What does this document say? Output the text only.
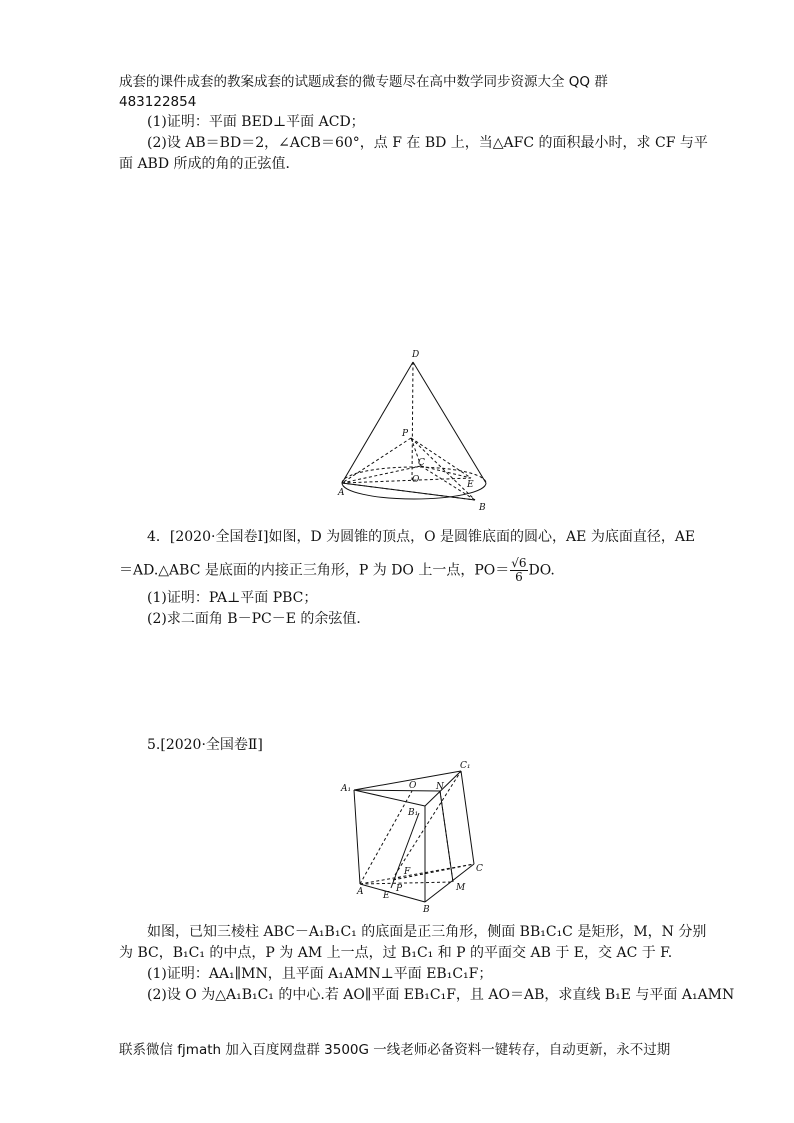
成套的课件成套的教案成套的试题成套的微专题尽在高中数学同步资源大全 QQ 群
483122854
(1)证明：平面 BED⊥平面 ACD；
(2)设 AB＝BD＝2，∠ACB＝60°，点 F 在 BD 上，当△AFC 的面积最小时，求 CF 与平
面 ABD 所成的角的正弦值．
D
P
C
O	E
A
B
4．[2020·全国卷Ⅰ]如图，D 为圆锥的顶点，O 是圆锥底面的圆心，AE 为底面直径，AE
＝AD.△ABC 是底面的内接正三角形，P 为 DO 上一点，$PO= \frac{√6}{6}$ DO.
(1)证明：PA⊥平面 PBC；
(2)求二面角 B－PC－E 的余弦值．
5.[2020·全国卷Ⅱ]
A₁	O N
C₁
B₁
F	C
A E
P	M
B
如图，已知三棱柱 ABC－A₁B₁C₁ 的底面是正三角形，侧面 BB₁C₁C 是矩形，M，N 分别
为 BC，B₁C₁ 的中点，P 为 AM 上一点，过 B₁C₁ 和 P 的平面交 AB 于 E，交 AC 于 F.
(1)证明：AA₁∥MN，且平面 A₁AMN⊥平面 EB₁C₁F；
(2)设 O 为△A₁B₁C₁ 的中心.若 AO∥平面 EB₁C₁F，且 AO＝AB，求直线 B₁E 与平面 A₁AMN
联系微信 fjmath 加入百度网盘群 3500G 一线老师必备资料一键转存，自动更新，永不过期
